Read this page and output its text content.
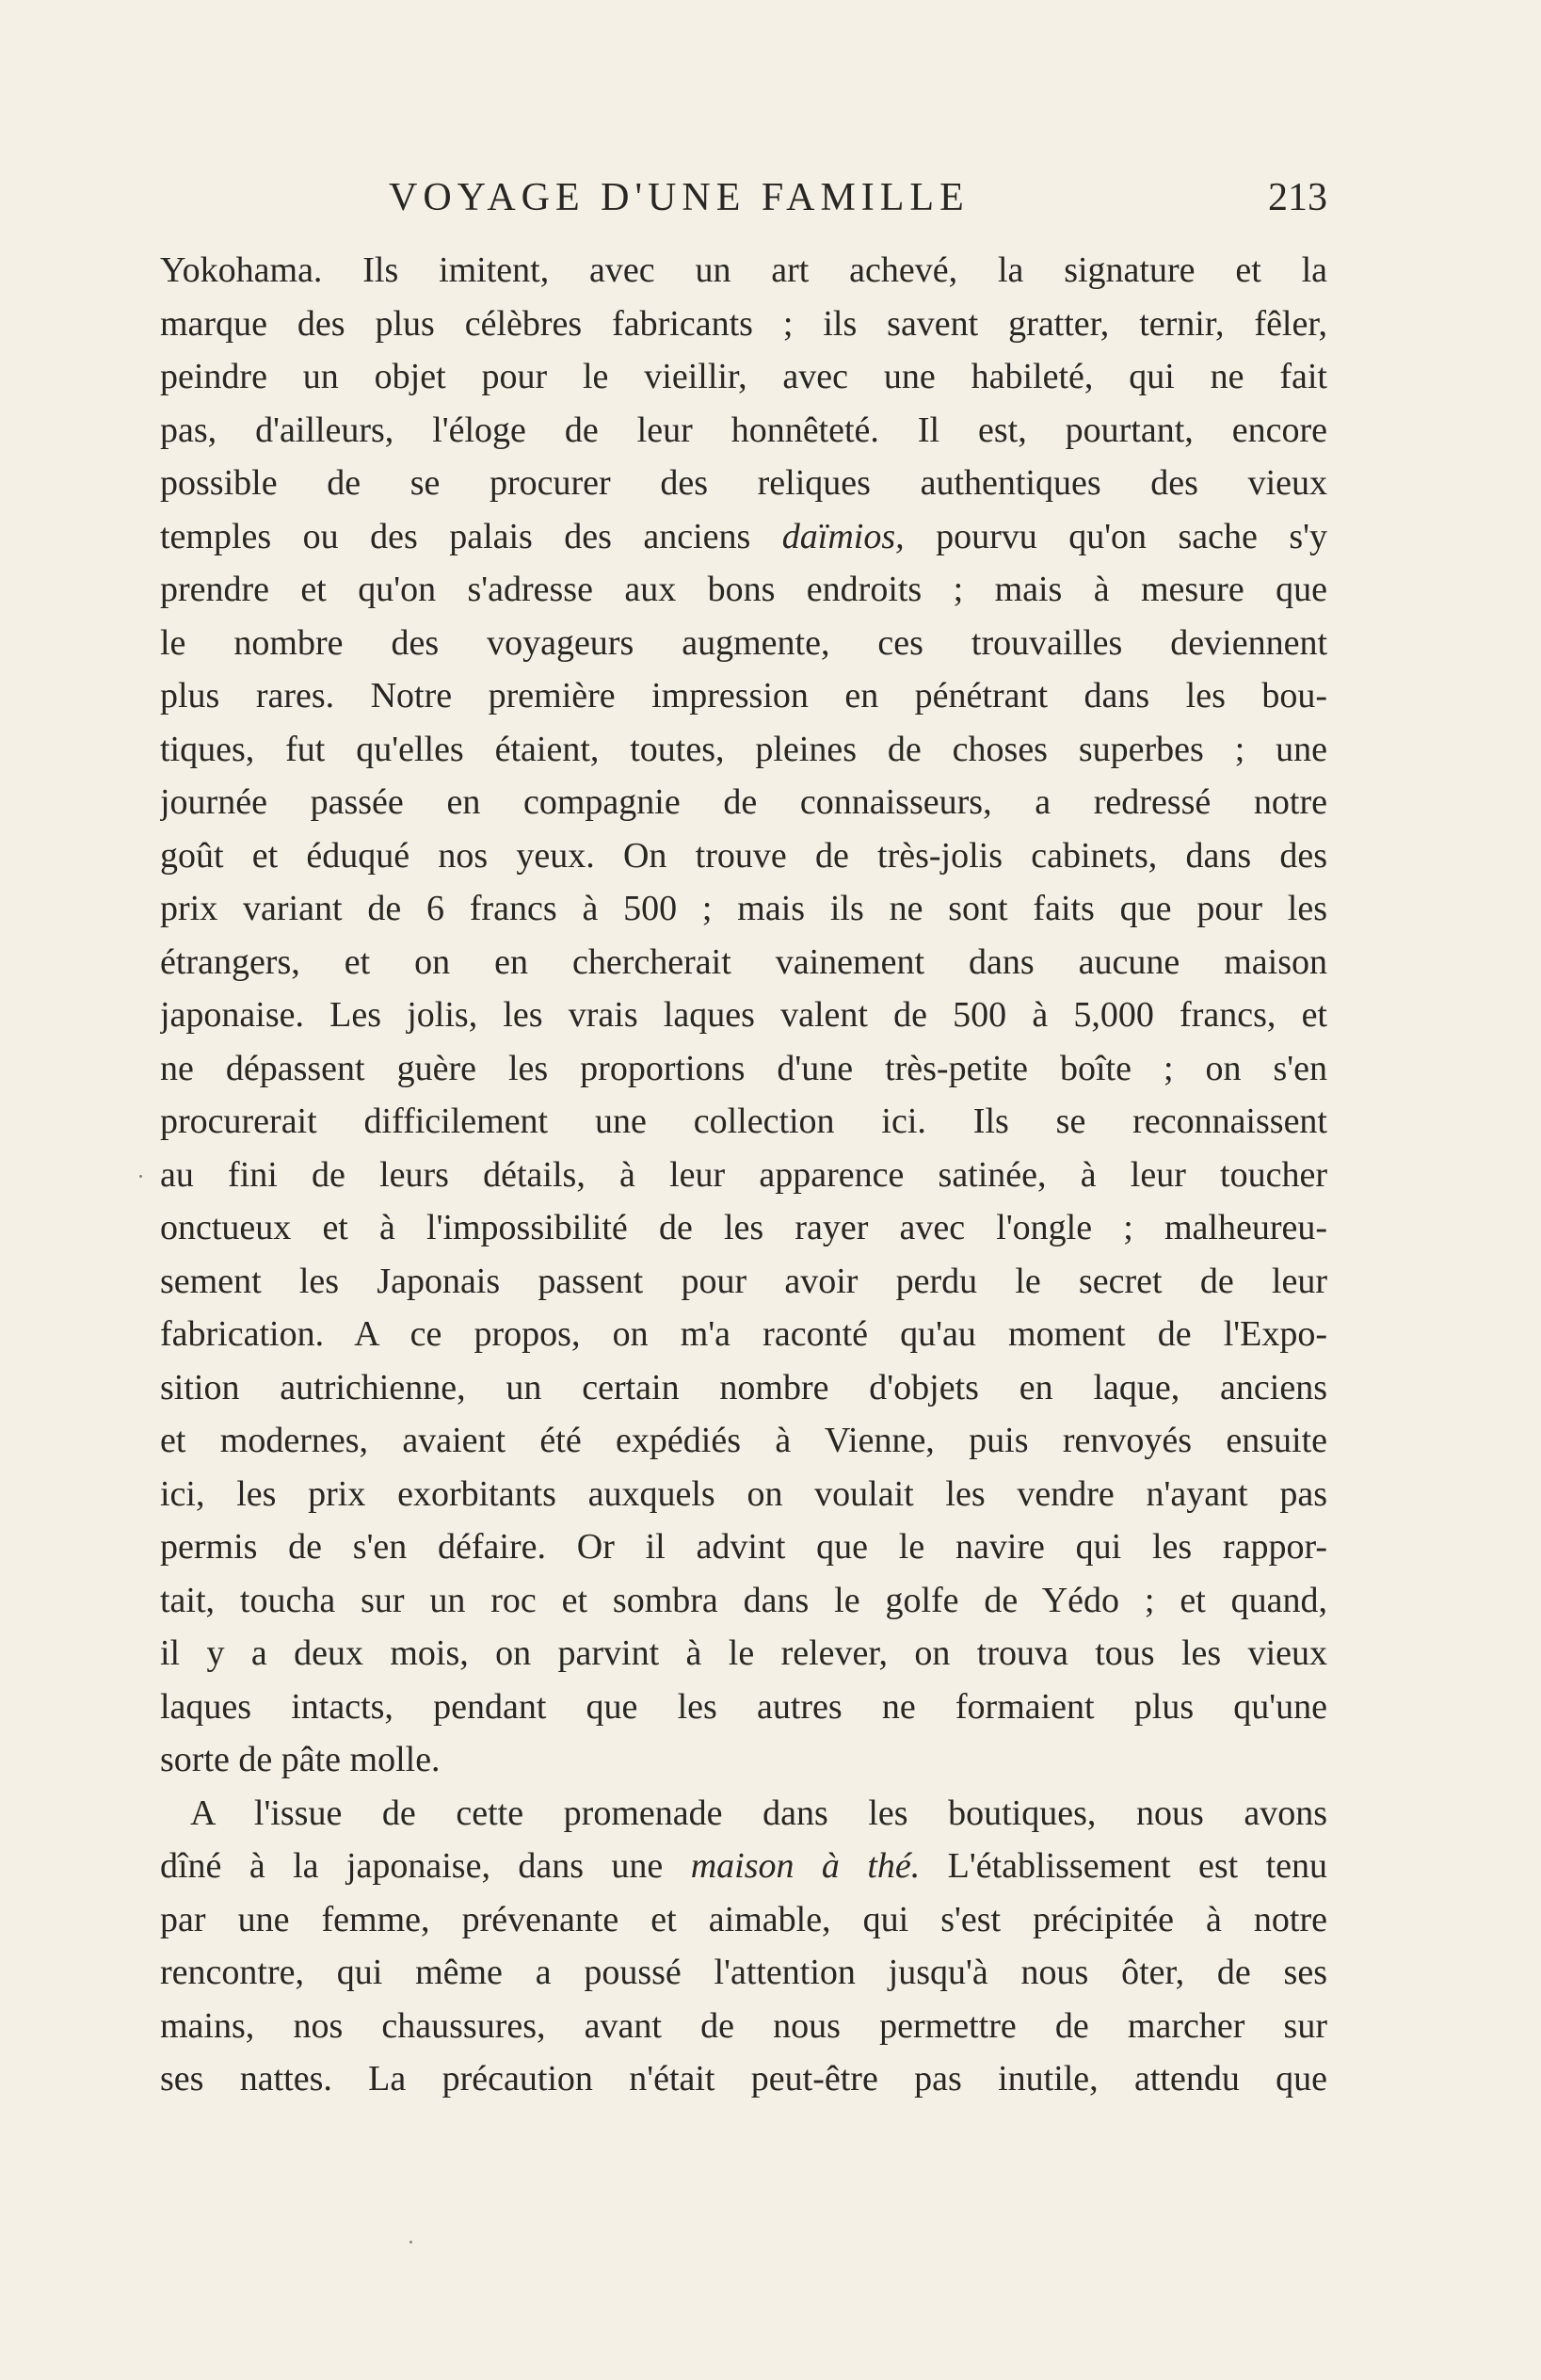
VOYAGE D'UNE FAMILLE	213
Yokohama. Ils imitent, avec un art achevé, la signature et la
marque des plus célèbres fabricants ; ils savent gratter, ternir, fêler,
peindre un objet pour le vieillir, avec une habileté, qui ne fait
pas, d'ailleurs, l'éloge de leur honnêteté. Il est, pourtant, encore
possible de se procurer des reliques authentiques des vieux
temples ou des palais des anciens daïmios, pourvu qu'on sache s'y
prendre et qu'on s'adresse aux bons endroits ; mais à mesure que
le nombre des voyageurs augmente, ces trouvailles deviennent
plus rares. Notre première impression en pénétrant dans les bou-
tiques, fut qu'elles étaient, toutes, pleines de choses superbes ; une
journée passée en compagnie de connaisseurs, a redressé notre
goût et éduqué nos yeux. On trouve de très-jolis cabinets, dans des
prix variant de 6 francs à 500 ; mais ils ne sont faits que pour les
étrangers, et on en chercherait vainement dans aucune maison
japonaise. Les jolis, les vrais laques valent de 500 à 5,000 francs, et
ne dépassent guère les proportions d'une très-petite boîte ; on s'en
procurerait difficilement une collection ici. Ils se reconnaissent
au fini de leurs détails, à leur apparence satinée, à leur toucher
onctueux et à l'impossibilité de les rayer avec l'ongle ; malheureu-
sement les Japonais passent pour avoir perdu le secret de leur
fabrication. A ce propos, on m'a raconté qu'au moment de l'Expo-
sition autrichienne, un certain nombre d'objets en laque, anciens
et modernes, avaient été expédiés à Vienne, puis renvoyés ensuite
ici, les prix exorbitants auxquels on voulait les vendre n'ayant pas
permis de s'en défaire. Or il advint que le navire qui les rappor-
tait, toucha sur un roc et sombra dans le golfe de Yédo ; et quand,
il y a deux mois, on parvint à le relever, on trouva tous les vieux
laques intacts, pendant que les autres ne formaient plus qu'une
sorte de pâte molle.
A l'issue de cette promenade dans les boutiques, nous avons
dîné à la japonaise, dans une maison à thé. L'établissement est tenu
par une femme, prévenante et aimable, qui s'est précipitée à notre
rencontre, qui même a poussé l'attention jusqu'à nous ôter, de ses
mains, nos chaussures, avant de nous permettre de marcher sur
ses nattes. La précaution n'était peut-être pas inutile, attendu que
